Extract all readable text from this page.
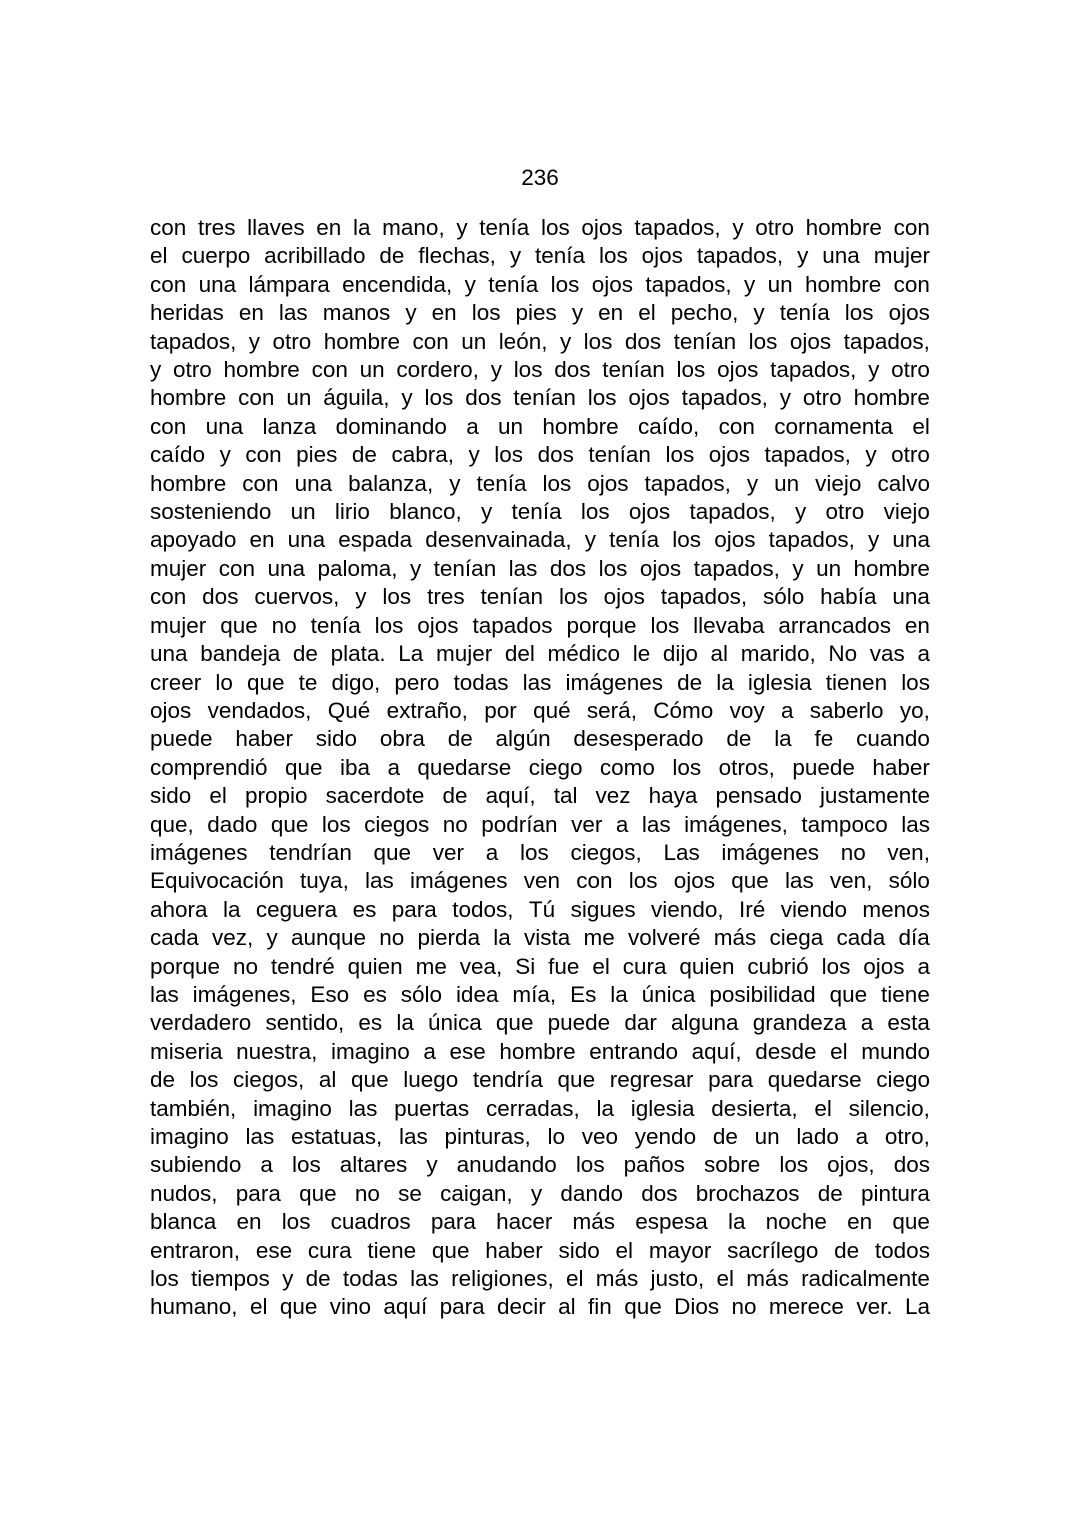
236
con tres llaves en la mano, y tenía los ojos tapados, y otro hombre con
el cuerpo acribillado de flechas, y tenía los ojos tapados, y una mujer
con una lámpara encendida, y tenía los ojos tapados, y un hombre con
heridas en las manos y en los pies y en el pecho, y tenía los ojos
tapados, y otro hombre con un león, y los dos tenían los ojos tapados,
y otro hombre con un cordero, y los dos tenían los ojos tapados, y otro
hombre con un águila, y los dos tenían los ojos tapados, y otro hombre
con una lanza dominando a un hombre caído, con cornamenta el
caído y con pies de cabra, y los dos tenían los ojos tapados, y otro
hombre con una balanza, y tenía los ojos tapados, y un viejo calvo
sosteniendo un lirio blanco, y tenía los ojos tapados, y otro viejo
apoyado en una espada desenvainada, y tenía los ojos tapados, y una
mujer con una paloma, y tenían las dos los ojos tapados, y un hombre
con dos cuervos, y los tres tenían los ojos tapados, sólo había una
mujer que no tenía los ojos tapados porque los llevaba arrancados en
una bandeja de plata. La mujer del médico le dijo al marido, No vas a
creer lo que te digo, pero todas las imágenes de la iglesia tienen los
ojos vendados, Qué extraño, por qué será, Cómo voy a saberlo yo,
puede haber sido obra de algún desesperado de la fe cuando
comprendió que iba a quedarse ciego como los otros, puede haber
sido el propio sacerdote de aquí, tal vez haya pensado justamente
que, dado que los ciegos no podrían ver a las imágenes, tampoco las
imágenes tendrían que ver a los ciegos, Las imágenes no ven,
Equivocación tuya, las imágenes ven con los ojos que las ven, sólo
ahora la ceguera es para todos, Tú sigues viendo, Iré viendo menos
cada vez, y aunque no pierda la vista me volveré más ciega cada día
porque no tendré quien me vea, Si fue el cura quien cubrió los ojos a
las imágenes, Eso es sólo idea mía, Es la única posibilidad que tiene
verdadero sentido, es la única que puede dar alguna grandeza a esta
miseria nuestra, imagino a ese hombre entrando aquí, desde el mundo
de los ciegos, al que luego tendría que regresar para quedarse ciego
también, imagino las puertas cerradas, la iglesia desierta, el silencio,
imagino las estatuas, las pinturas, lo veo yendo de un lado a otro,
subiendo a los altares y anudando los paños sobre los ojos, dos
nudos, para que no se caigan, y dando dos brochazos de pintura
blanca en los cuadros para hacer más espesa la noche en que
entraron, ese cura tiene que haber sido el mayor sacrílego de todos
los tiempos y de todas las religiones, el más justo, el más radicalmente
humano, el que vino aquí para decir al fin que Dios no merece ver. La
